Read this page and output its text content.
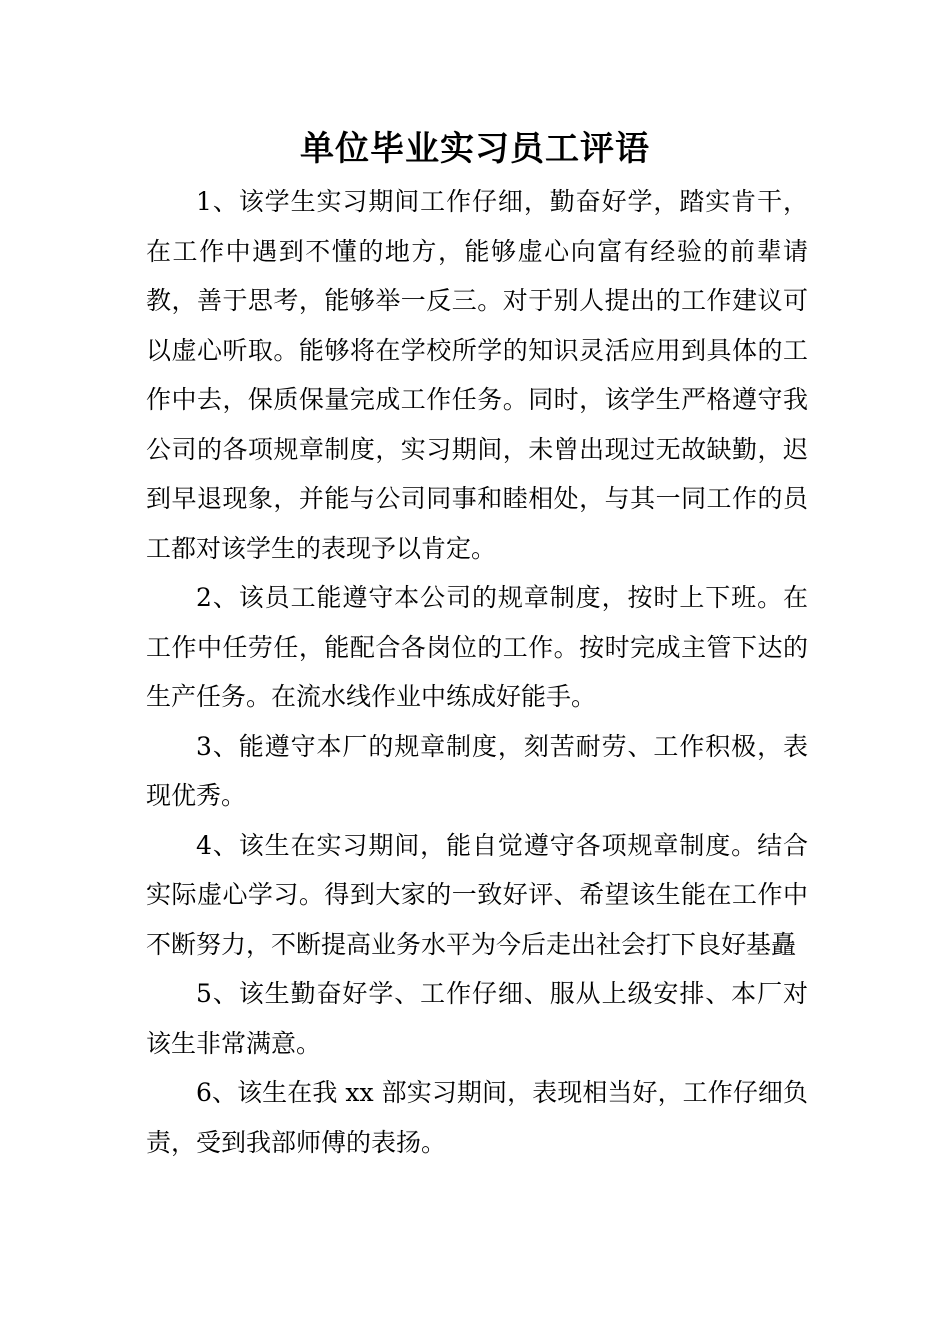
单位毕业实习员工评语

1、该学生实习期间工作仔细，勤奋好学，踏实肯干，在工作中遇到不懂的地方，能够虚心向富有经验的前辈请教，善于思考，能够举一反三。对于别人提出的工作建议可以虚心听取。能够将在学校所学的知识灵活应用到具体的工作中去，保质保量完成工作任务。同时，该学生严格遵守我公司的各项规章制度，实习期间，未曾出现过无故缺勤，迟到早退现象，并能与公司同事和睦相处，与其一同工作的员工都对该学生的表现予以肯定。

2、该员工能遵守本公司的规章制度，按时上下班。在工作中任劳任，能配合各岗位的工作。按时完成主管下达的生产任务。在流水线作业中练成好能手。

3、能遵守本厂的规章制度，刻苦耐劳、工作积极，表现优秀。

4、该生在实习期间，能自觉遵守各项规章制度。结合实际虚心学习。得到大家的一致好评、希望该生能在工作中不断努力，不断提高业务水平为今后走出社会打下良好基矗

5、该生勤奋好学、工作仔细、服从上级安排、本厂对该生非常满意。

6、该生在我 xx 部实习期间，表现相当好，工作仔细负责，受到我部师傅的表扬。
